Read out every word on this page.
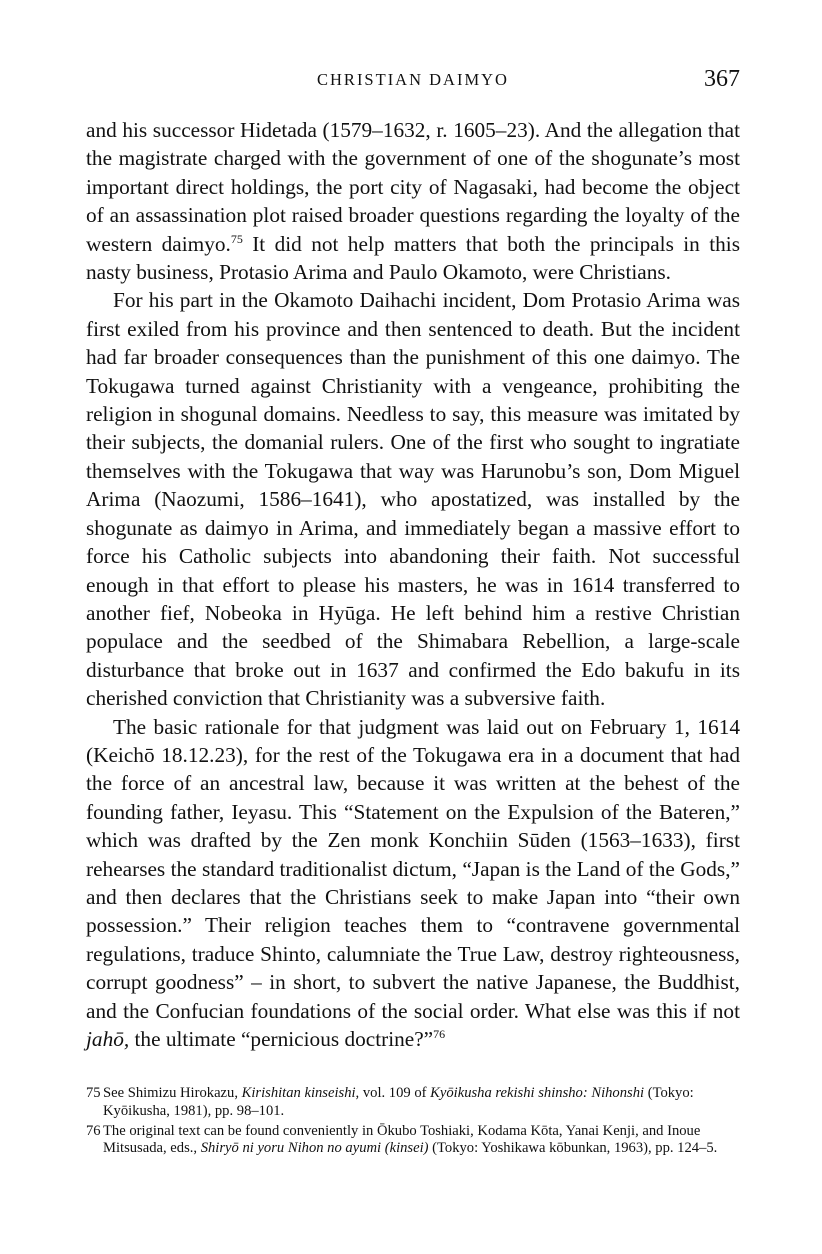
CHRISTIAN DAIMYO	367

and his successor Hidetada (1579–1632, r. 1605–23). And the allegation that the magistrate charged with the government of one of the shogunate’s most important direct holdings, the port city of Nagasaki, had become the object of an assassination plot raised broader questions regarding the loyalty of the western daimyo.$^{75}$ It did not help matters that both the principals in this nasty business, Protasio Arima and Paulo Okamoto, were Christians.

For his part in the Okamoto Daihachi incident, Dom Protasio Arima was first exiled from his province and then sentenced to death. But the incident had far broader consequences than the punishment of this one daimyo. The Tokugawa turned against Christianity with a vengeance, prohibiting the religion in shogunal domains. Needless to say, this measure was imitated by their subjects, the domanial rulers. One of the first who sought to ingratiate themselves with the Tokugawa that way was Harunobu’s son, Dom Miguel Arima (Naozumi, 1586–1641), who apostatized, was installed by the shogunate as daimyo in Arima, and immediately began a massive effort to force his Catholic subjects into abandoning their faith. Not successful enough in that effort to please his masters, he was in 1614 transferred to another fief, Nobeoka in Hyūga. He left behind him a restive Christian populace and the seedbed of the Shimabara Rebellion, a large-scale disturbance that broke out in 1637 and confirmed the Edo bakufu in its cherished conviction that Christianity was a subversive faith.

The basic rationale for that judgment was laid out on February 1, 1614 (Keichō 18.12.23), for the rest of the Tokugawa era in a document that had the force of an ancestral law, because it was written at the behest of the founding father, Ieyasu. This “Statement on the Expulsion of the Bateren,” which was drafted by the Zen monk Konchiin Sūden (1563–1633), first rehearses the standard traditionalist dictum, “Japan is the Land of the Gods,” and then declares that the Christians seek to make Japan into “their own possession.” Their religion teaches them to “contravene governmental regulations, traduce Shinto, calumniate the True Law, destroy righteousness, corrupt goodness” – in short, to subvert the native Japanese, the Buddhist, and the Confucian foundations of the social order. What else was this if not jahō, the ultimate “pernicious doctrine?”$^{76}$

75 See Shimizu Hirokazu, Kirishitan kinseishi, vol. 109 of Kyōikusha rekishi shinsho: Nihonshi (Tokyo: Kyōikusha, 1981), pp. 98–101.
76 The original text can be found conveniently in Ōkubo Toshiaki, Kodama Kōta, Yanai Kenji, and Inoue Mitsusada, eds., Shiryō ni yoru Nihon no ayumi (kinsei) (Tokyo: Yoshikawa kōbunkan, 1963), pp. 124–5.
